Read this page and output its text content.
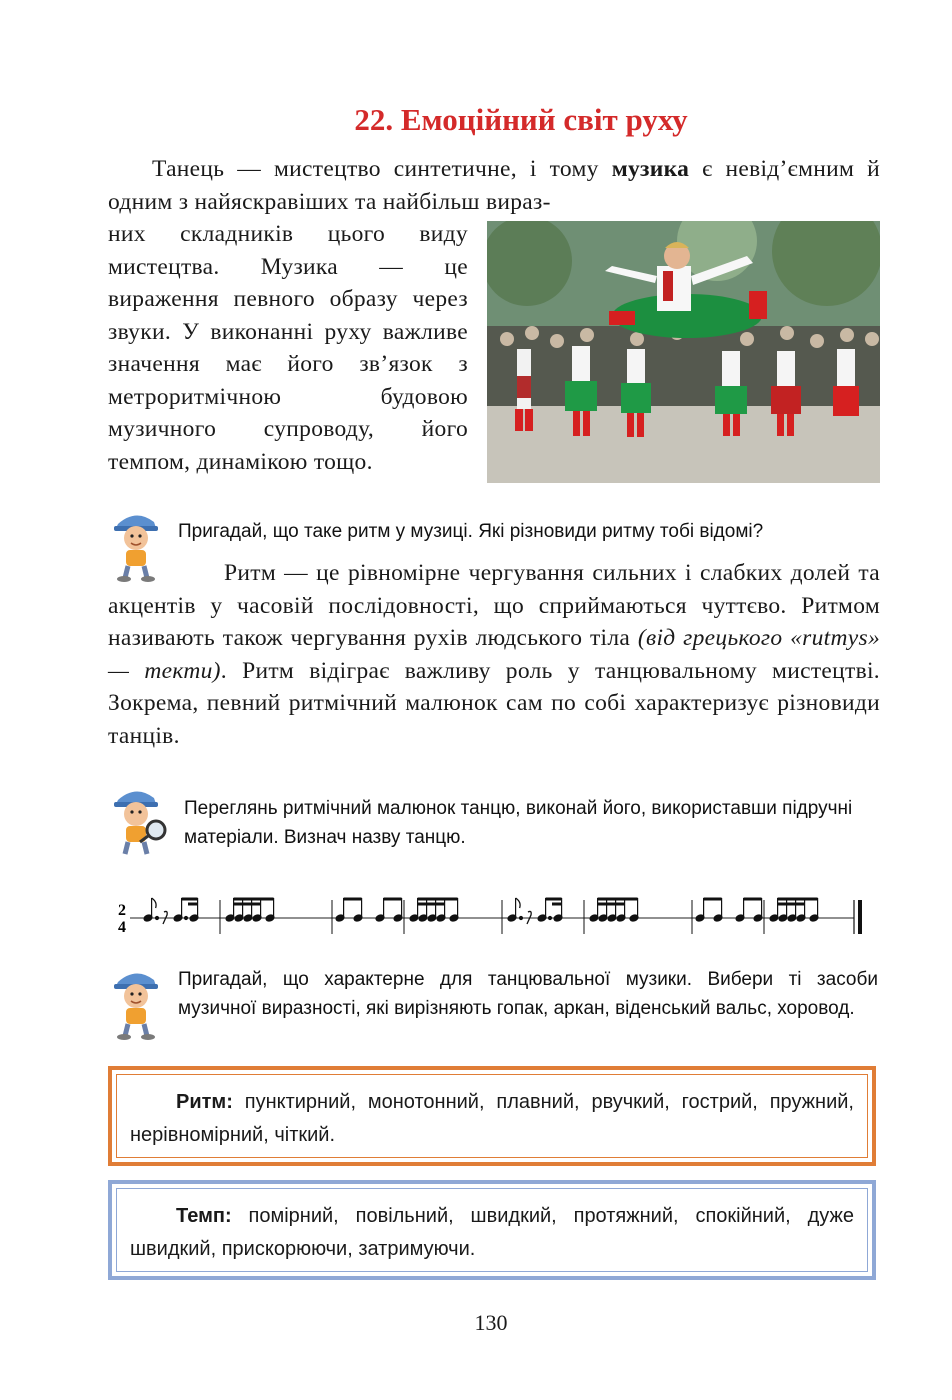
22. Емоційний світ руху
Танець — мистецтво синтетичне, і тому музика є невід’ємним й одним з найяскравіших та найбільш вираз-
них складників цього виду мистецтва. Музика — це вираження певного образу через звуки. У виконанні руху важливе значення має його зв’язок з метроритмічною будовою музичного супроводу, його темпом, динамікою тощо.
Пригадай, що таке ритм у музиці. Які різновиди ритму тобі відомі?
Ритм — це рівномірне чергування сильних і слабких долей та акцентів у часовій послідовності, що сприймаються чуттєво. Ритмом називають також чергування рухів людського тіла (від грецького «rutmys» — текти). Ритм відіграє важливу роль у танцювальному мистецтві. Зокрема, певний ритмічний малюнок сам по собі характеризує різновиди танців.
Переглянь ритмічний малюнок танцю, виконай його, використавши підручні матеріали. Визнач назву танцю.
2
4
Пригадай, що характерне для танцювальної музики. Вибери ті засоби музичної виразності, які вирізняють гопак, аркан, віденський вальс, хоровод.
Ритм: пунктирний, монотонний, плавний, рвучкий, гострий, пружний, нерівномірний, чіткий.
Темп: помірний, повільний, швидкий, протяжний, спокійний, дуже швидкий, прискорюючи, затримуючи.
130
